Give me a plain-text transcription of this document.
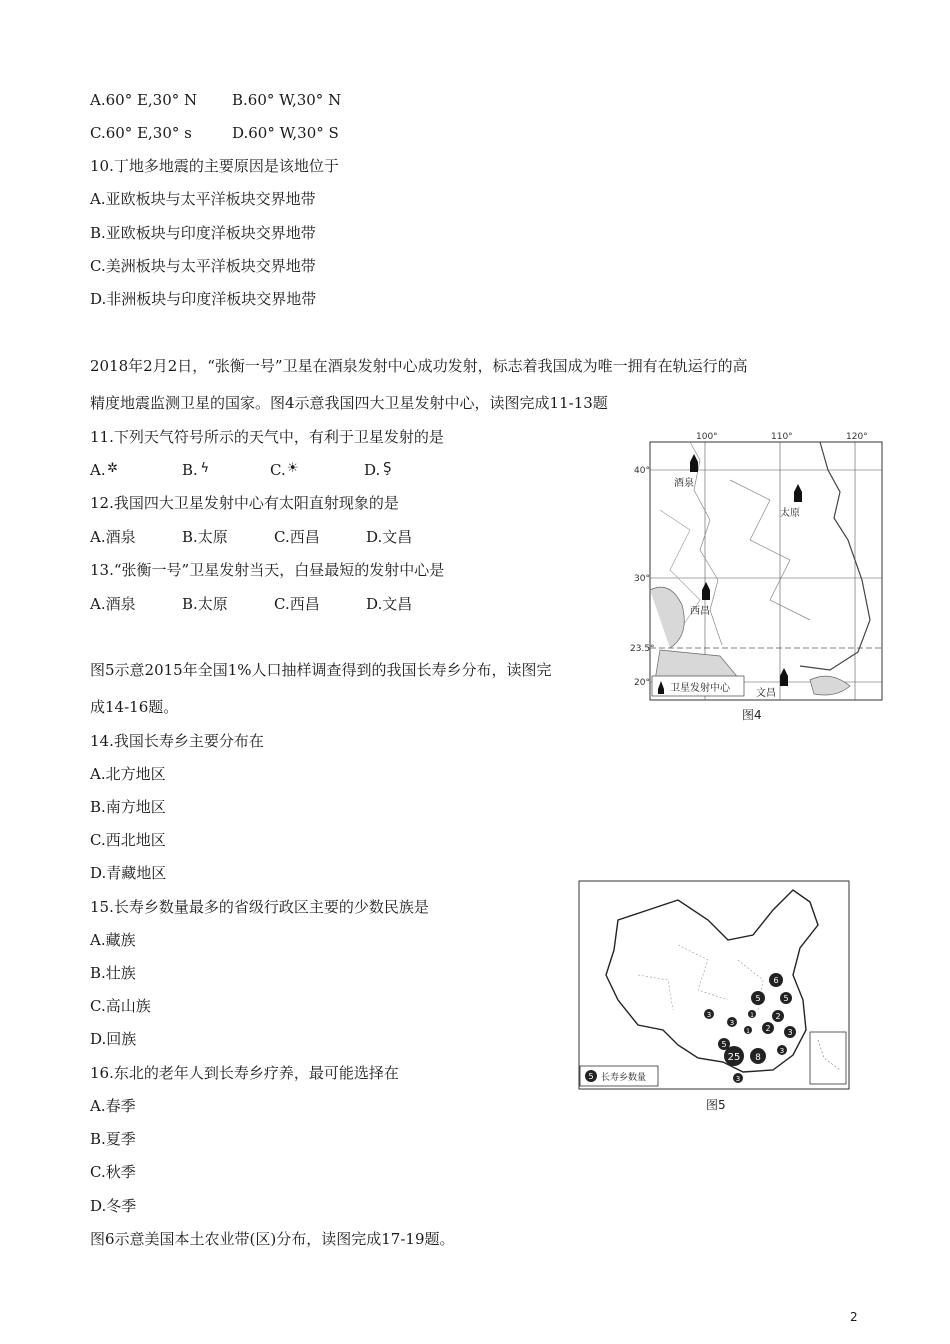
A.60° E,30° N B.60° W,30° N
C.60° E,30° s	D.60° W,30° S
10.丁地多地震的主要原因是该地位于
A.亚欧板块与太平洋板块交界地带
B.亚欧板块与印度洋板块交界地带
C.美洲板块与太平洋板块交界地带
D.非洲板块与印度洋板块交界地带
2018年2月2日，“张衡一号”卫星在酒泉发射中心成功发射，标志着我国成为唯一拥有在轨运行的高
精度地震监测卫星的国家。图4示意我国四大卫星发射中心，读图完成11-13题
11.下列天气符号所示的天气中，有利于卫星发射的是
A. ✲	B. ϟ	C.☀	D. Ş
12.我国四大卫星发射中心有太阳直射现象的是
A.酒泉	B.太原	C.西昌	D.文昌
13.“张衡一号”卫星发射当天，白昼最短的发射中心是
A.酒泉	B.太原	C.西昌	D.文昌
图5示意2015年全国1%人口抽样调查得到的我国长寿乡分布，读图完
成14-16题。
14.我国长寿乡主要分布在
A.北方地区
B.南方地区
C.西北地区
D.青藏地区
15.长寿乡数量最多的省级行政区主要的少数民族是
A.藏族
B.壮族
C.高山族
D.回族
16.东北的老年人到长寿乡疗养，最可能选择在
A.春季
B.夏季
C.秋季
D.冬季
图6示意美国本土农业带(区)分布，读图完成17-19题。
100°	110°	120°
40°
30°
23.5°
20°
酒泉
太原
西昌
文昌
卫星发射中心
图4
6
5	5
3
3
1
1 2
2
3
5
25 8
3
3
5 长寿乡数量
图5
2
